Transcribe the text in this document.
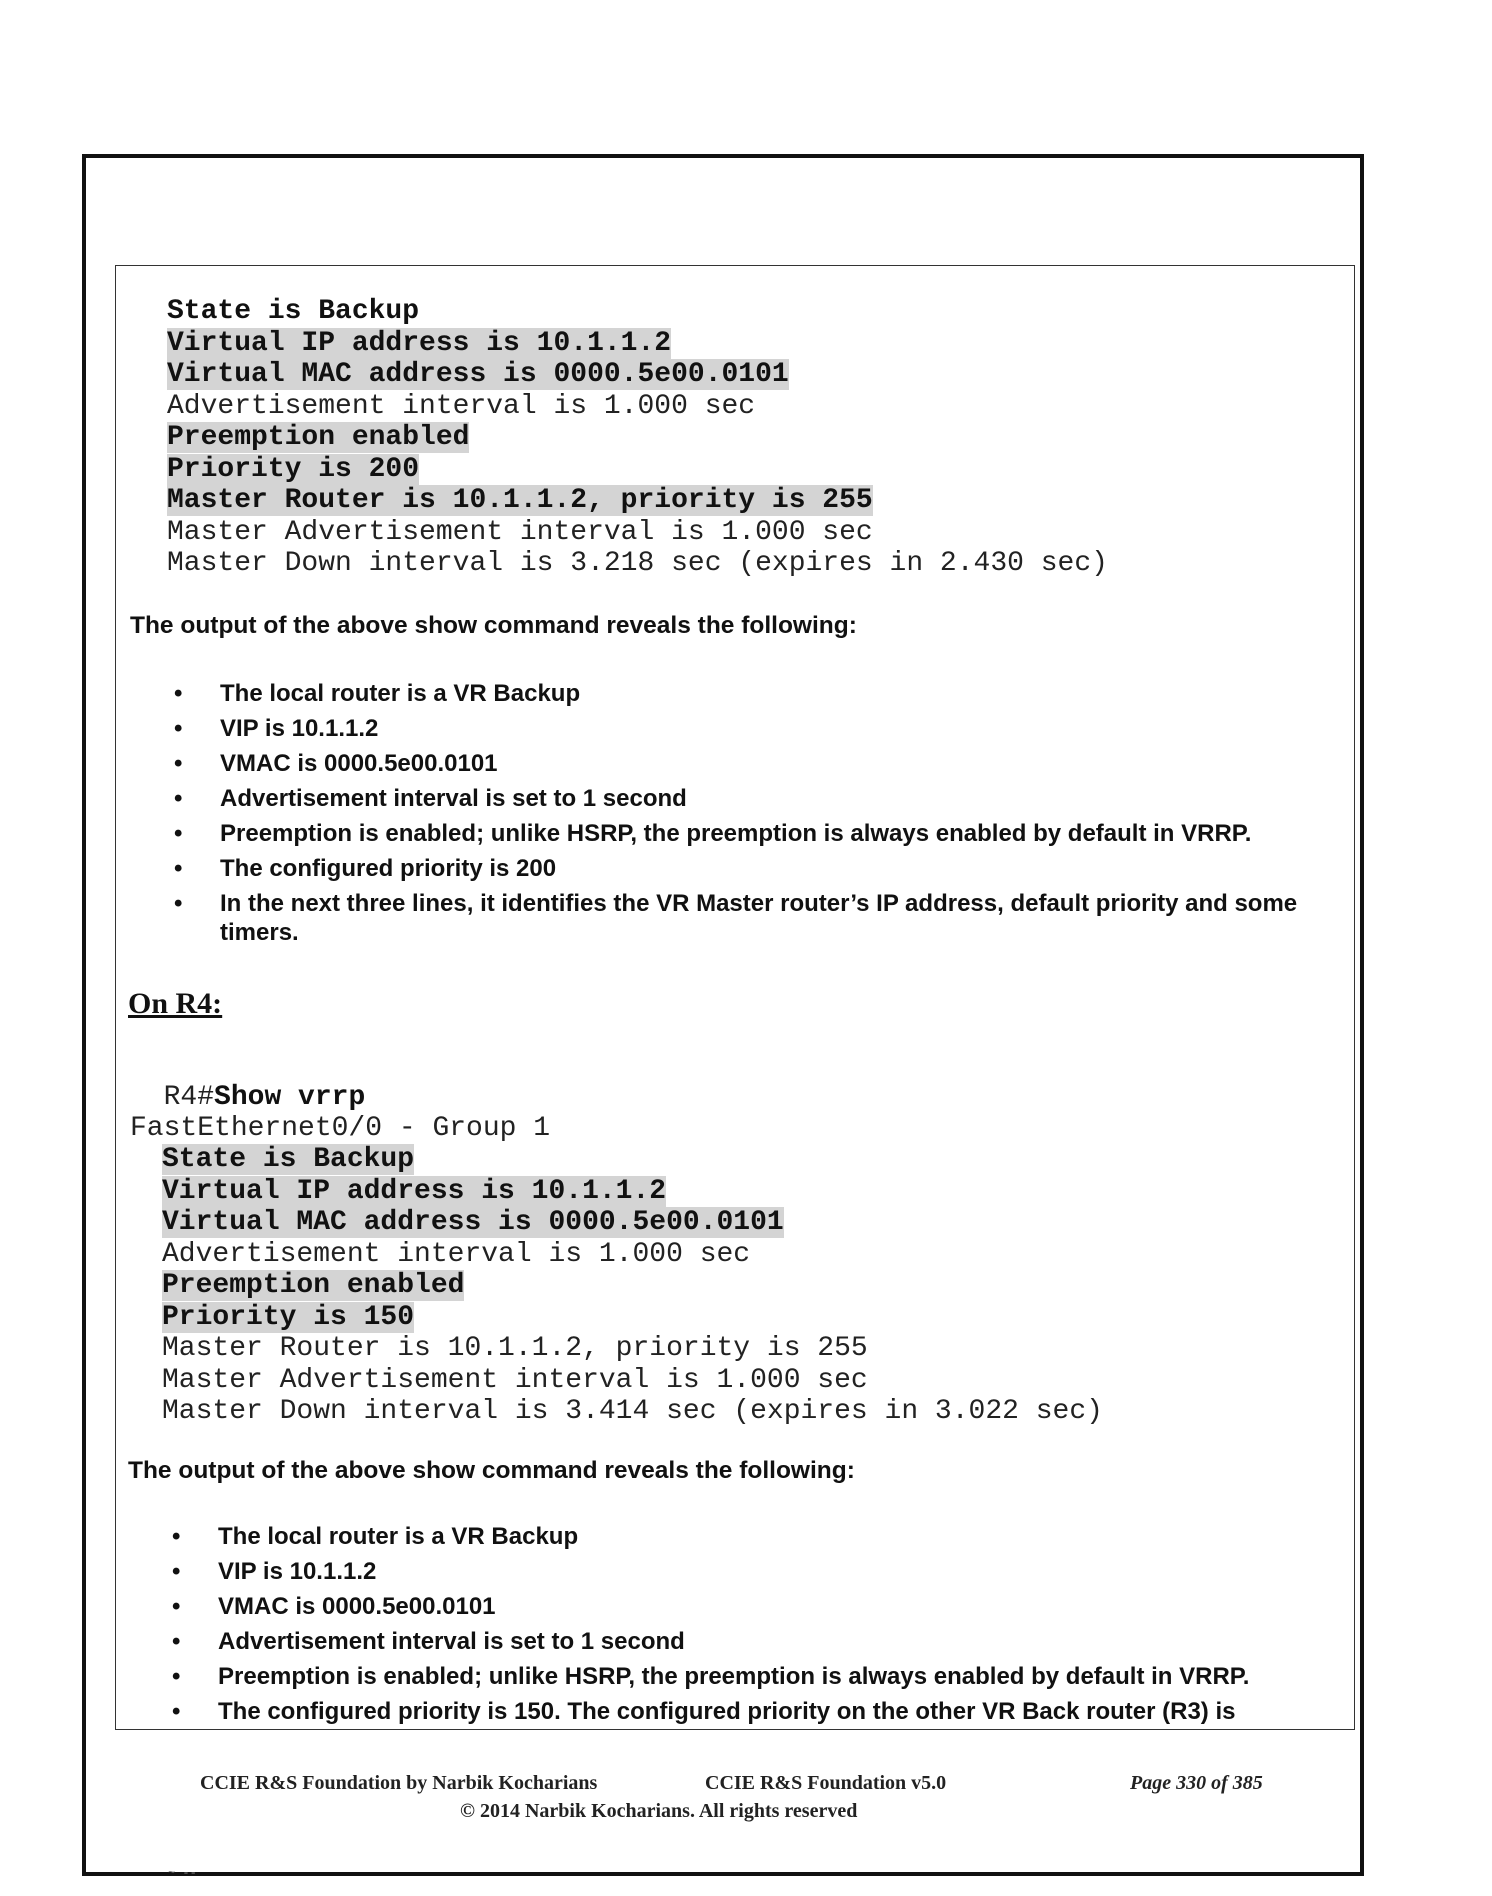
State is Backup
Virtual IP address is 10.1.1.2
Virtual MAC address is 0000.5e00.0101
Advertisement interval is 1.000 sec
Preemption enabled
Priority is 200
Master Router is 10.1.1.2, priority is 255
Master Advertisement interval is 1.000 sec
Master Down interval is 3.218 sec (expires in 2.430 sec)
The output of the above show command reveals the following:
• The local router is a VR Backup
• VIP is 10.1.1.2
• VMAC is 0000.5e00.0101
• Advertisement interval is set to 1 second
• Preemption is enabled; unlike HSRP, the preemption is always enabled by default in VRRP.
• The configured priority is 200
• In the next three lines, it identifies the VR Master router’s IP address, default priority and some timers.
On R4:

R4#Show vrrp

FastEthernet0/0 - Group 1
State is Backup
Virtual IP address is 10.1.1.2
Virtual MAC address is 0000.5e00.0101
Advertisement interval is 1.000 sec
Preemption enabled
Priority is 150
Master Router is 10.1.1.2, priority is 255
Master Advertisement interval is 1.000 sec
Master Down interval is 3.414 sec (expires in 3.022 sec)
The output of the above show command reveals the following:
• The local router is a VR Backup
• VIP is 10.1.1.2
• VMAC is 0000.5e00.0101
• Advertisement interval is set to 1 second
• Preemption is enabled; unlike HSRP, the preemption is always enabled by default in VRRP.
• The configured priority is 150. The configured priority on the other VR Back router (R3) is
CCIE R&S Foundation by Narbik Kocharians	CCIE R&S Foundation v5.0	Page 330 of 385
© 2014 Narbik Kocharians. All rights reserved
~ --
